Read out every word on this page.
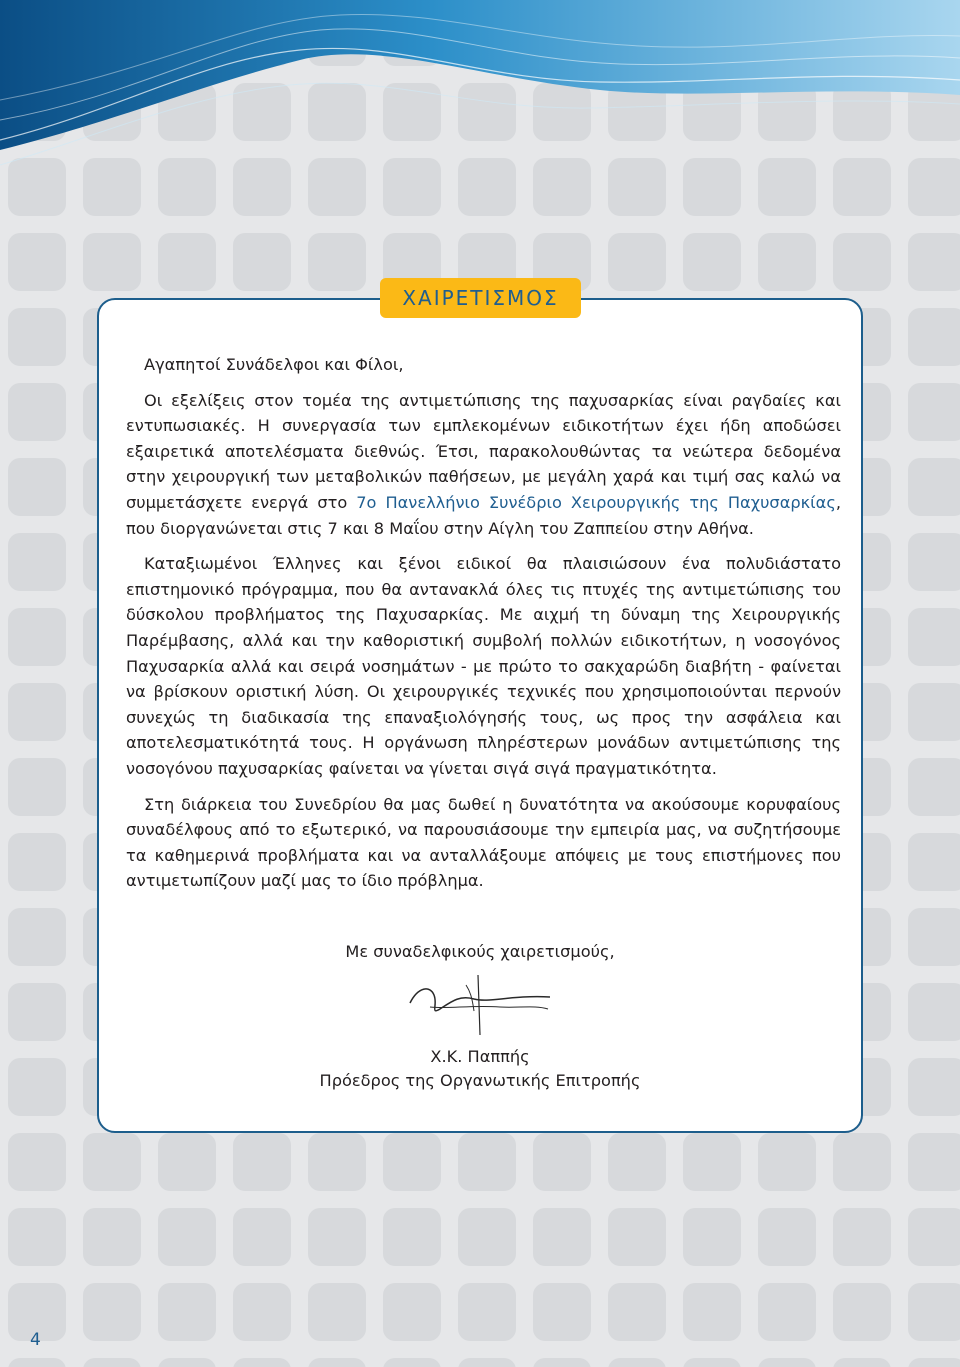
ΧΑΙΡΕΤΙΣΜΟΣ
Αγαπητοί Συνάδελφοι και Φίλοι,

Οι εξελίξεις στον τομέα της αντιμετώπισης της παχυσαρκίας είναι ραγδαίες και εντυπωσιακές. Η συνεργασία των εμπλεκομένων ειδικοτήτων έχει ήδη αποδώσει εξαιρετικά αποτελέσματα διεθνώς. Έτσι, παρακολουθώντας τα νεώτερα δεδομένα στην χειρουργική των μεταβολικών παθήσεων, με μεγάλη χαρά και τιμή σας καλώ να συμμετάσχετε ενεργά στο 7ο Πανελλήνιο Συνέδριο Χειρουργικής της Παχυσαρκίας, που διοργανώνεται στις 7 και 8 Μαΐου στην Αίγλη του Ζαππείου στην Αθήνα.

Καταξιωμένοι Έλληνες και ξένοι ειδικοί θα πλαισιώσουν ένα πολυδιάστατο επιστημονικό πρόγραμμα, που θα αντανακλά όλες τις πτυχές της αντιμετώπισης του δύσκολου προβλήματος της Παχυσαρκίας. Με αιχμή τη δύναμη της Χειρουργικής Παρέμβασης, αλλά και την καθοριστική συμβολή πολλών ειδικοτήτων, η νοσογόνος Παχυσαρκία αλλά και σειρά νοσημάτων - με πρώτο το σακχαρώδη διαβήτη - φαίνεται να βρίσκουν οριστική λύση. Οι χειρουργικές τεχνικές που χρησιμοποιούνται περνούν συνεχώς τη διαδικασία της επαναξιολόγησής τους, ως προς την ασφάλεια και αποτελεσματικότητά τους. Η οργάνωση πληρέστερων μονάδων αντιμετώπισης της νοσογόνου παχυσαρκίας φαίνεται να γίνεται σιγά σιγά πραγματικότητα.

Στη διάρκεια του Συνεδρίου θα μας δωθεί η δυνατότητα να ακούσουμε κορυφαίους συναδέλφους από το εξωτερικό, να παρουσιάσουμε την εμπειρία μας, να συζητήσουμε τα καθημερινά προβλήματα και να ανταλλάξουμε απόψεις με τους επιστήμονες που αντιμετωπίζουν μαζί μας το ίδιο πρόβλημα.

Με συναδελφικούς χαιρετισμούς,
Χ.Κ. Παππής
Πρόεδρος της Οργανωτικής Επιτροπής
4
